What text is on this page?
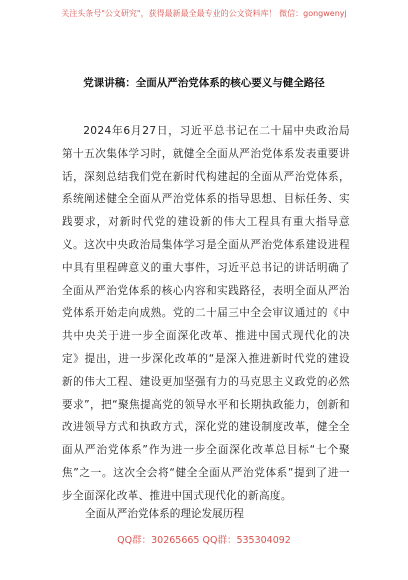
关注头条号"公文研究"，获得最新最全最专业的公文资料库！ 微信：gongwenyj
党课讲稿：全面从严治党体系的核心要义与健全路径

2024年6月27日，习近平总书记在二十届中央政治局第十五次集体学习时，就健全全面从严治党体系发表重要讲话，深刻总结我们党在新时代构建起的全面从严治党体系，系统阐述健全全面从严治党体系的指导思想、目标任务、实践要求，对新时代党的建设新的伟大工程具有重大指导意义。这次中央政治局集体学习是全面从严治党体系建设进程中具有里程碑意义的重大事件，习近平总书记的讲话明确了全面从严治党体系的核心内容和实践路径，表明全面从严治党体系开始走向成熟。党的二十届三中全会审议通过的《中共中央关于进一步全面深化改革、推进中国式现代化的决定》提出，进一步深化改革的“是深入推进新时代党的建设新的伟大工程、建设更加坚强有力的马克思主义政党的必然要求”，把“聚焦提高党的领导水平和长期执政能力，创新和改进领导方式和执政方式，深化党的建设制度改革，健全全面从严治党体系”作为进一步全面深化改革总目标“七个聚焦”之一。这次全会将“健全全面从严治党体系”提到了进一步全面深化改革、推进中国式现代化的新高度。

全面从严治党体系的理论发展历程
QQ群：30265665 QQ群：535304092
